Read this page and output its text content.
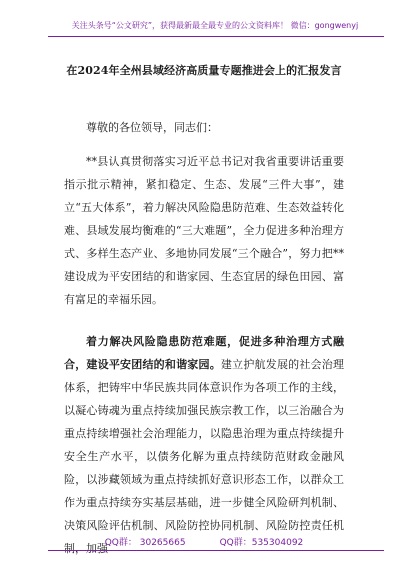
关注头条号“公文研究”，获得最新最全最专业的公文资料库！ 微信：gongwenyj
在2024年全州县域经济高质量专题推进会上的汇报发言
尊敬的各位领导，同志们：

**县认真贯彻落实习近平总书记对我省重要讲话重要指示批示精神，紧扣稳定、生态、发展“三件大事”，建立“五大体系”，着力解决风险隐患防范难、生态效益转化难、县域发展均衡难的“三大难题”，全力促进多种治理方式、多样生态产业、多地协同发展“三个融合”，努力把**建设成为平安团结的和谐家园、生态宜居的绿色田园、富有富足的幸福乐园。

着力解决风险隐患防范难题，促进多种治理方式融合，建设平安团结的和谐家园。建立护航发展的社会治理体系，把铸牢中华民族共同体意识作为各项工作的主线，以凝心铸魂为重点持续加强民族宗教工作，以三治融合为重点持续增强社会治理能力，以隐患治理为重点持续提升安全生产水平，以债务化解为重点持续防范财政金融风险，以涉藏领域为重点持续抓好意识形态工作，以群众工作为重点持续夯实基层基础，进一步健全风险研判机制、决策风险评估机制、风险防控协同机制、风险防控责任机制，加强

QQ群： 30265665	QQ群：535304092
